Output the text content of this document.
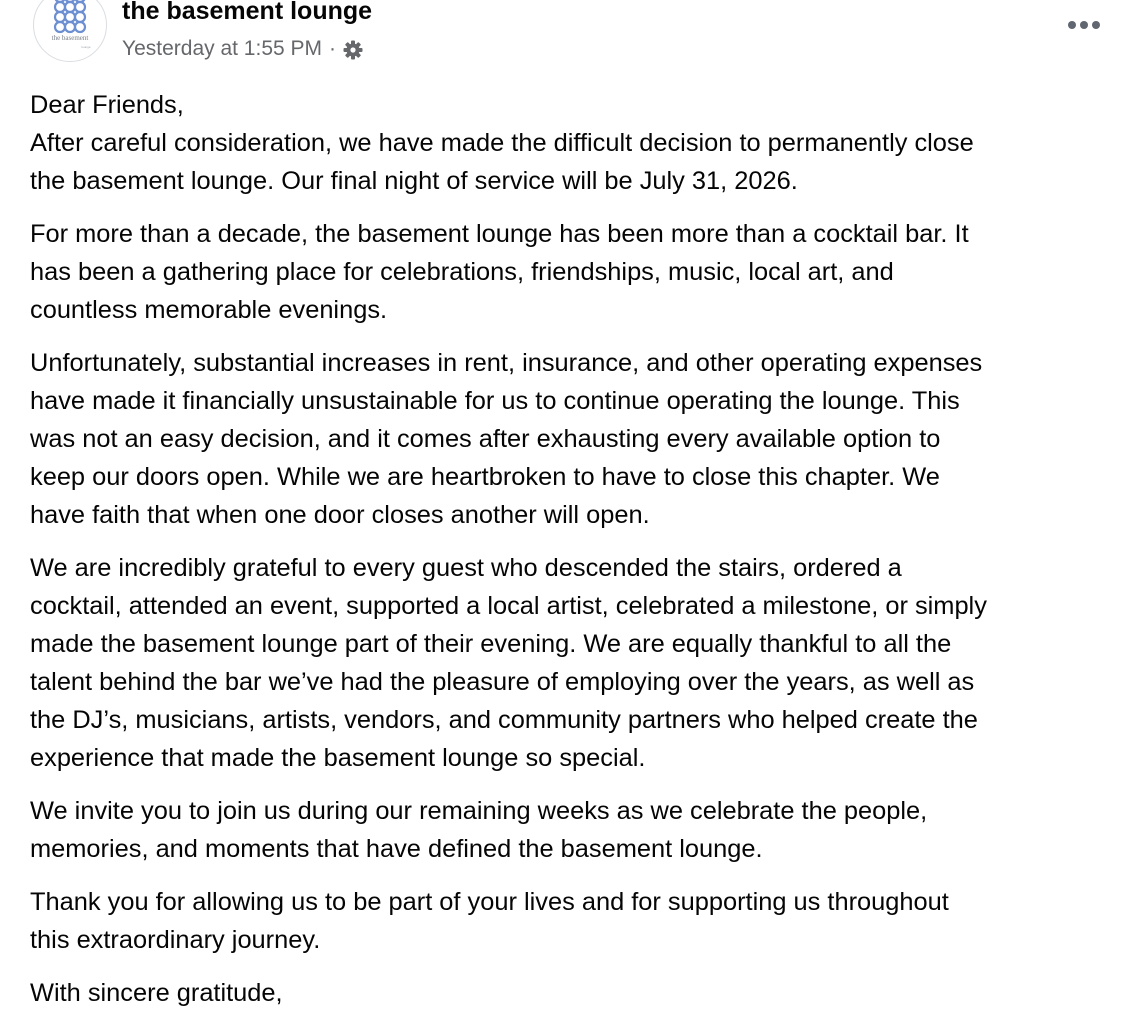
the basement
lounge
the basement lounge
Yesterday at 1:55 PM ·

Dear Friends,
After careful consideration, we have made the difficult decision to permanently close
the basement lounge. Our final night of service will be July 31, 2026.

For more than a decade, the basement lounge has been more than a cocktail bar. It
has been a gathering place for celebrations, friendships, music, local art, and
countless memorable evenings.

Unfortunately, substantial increases in rent, insurance, and other operating expenses
have made it financially unsustainable for us to continue operating the lounge. This
was not an easy decision, and it comes after exhausting every available option to
keep our doors open. While we are heartbroken to have to close this chapter. We
have faith that when one door closes another will open.

We are incredibly grateful to every guest who descended the stairs, ordered a
cocktail, attended an event, supported a local artist, celebrated a milestone, or simply
made the basement lounge part of their evening. We are equally thankful to all the
talent behind the bar we’ve had the pleasure of employing over the years, as well as
the DJ’s, musicians, artists, vendors, and community partners who helped create the
experience that made the basement lounge so special.

We invite you to join us during our remaining weeks as we celebrate the people,
memories, and moments that have defined the basement lounge.

Thank you for allowing us to be part of your lives and for supporting us throughout
this extraordinary journey.

With sincere gratitude,
